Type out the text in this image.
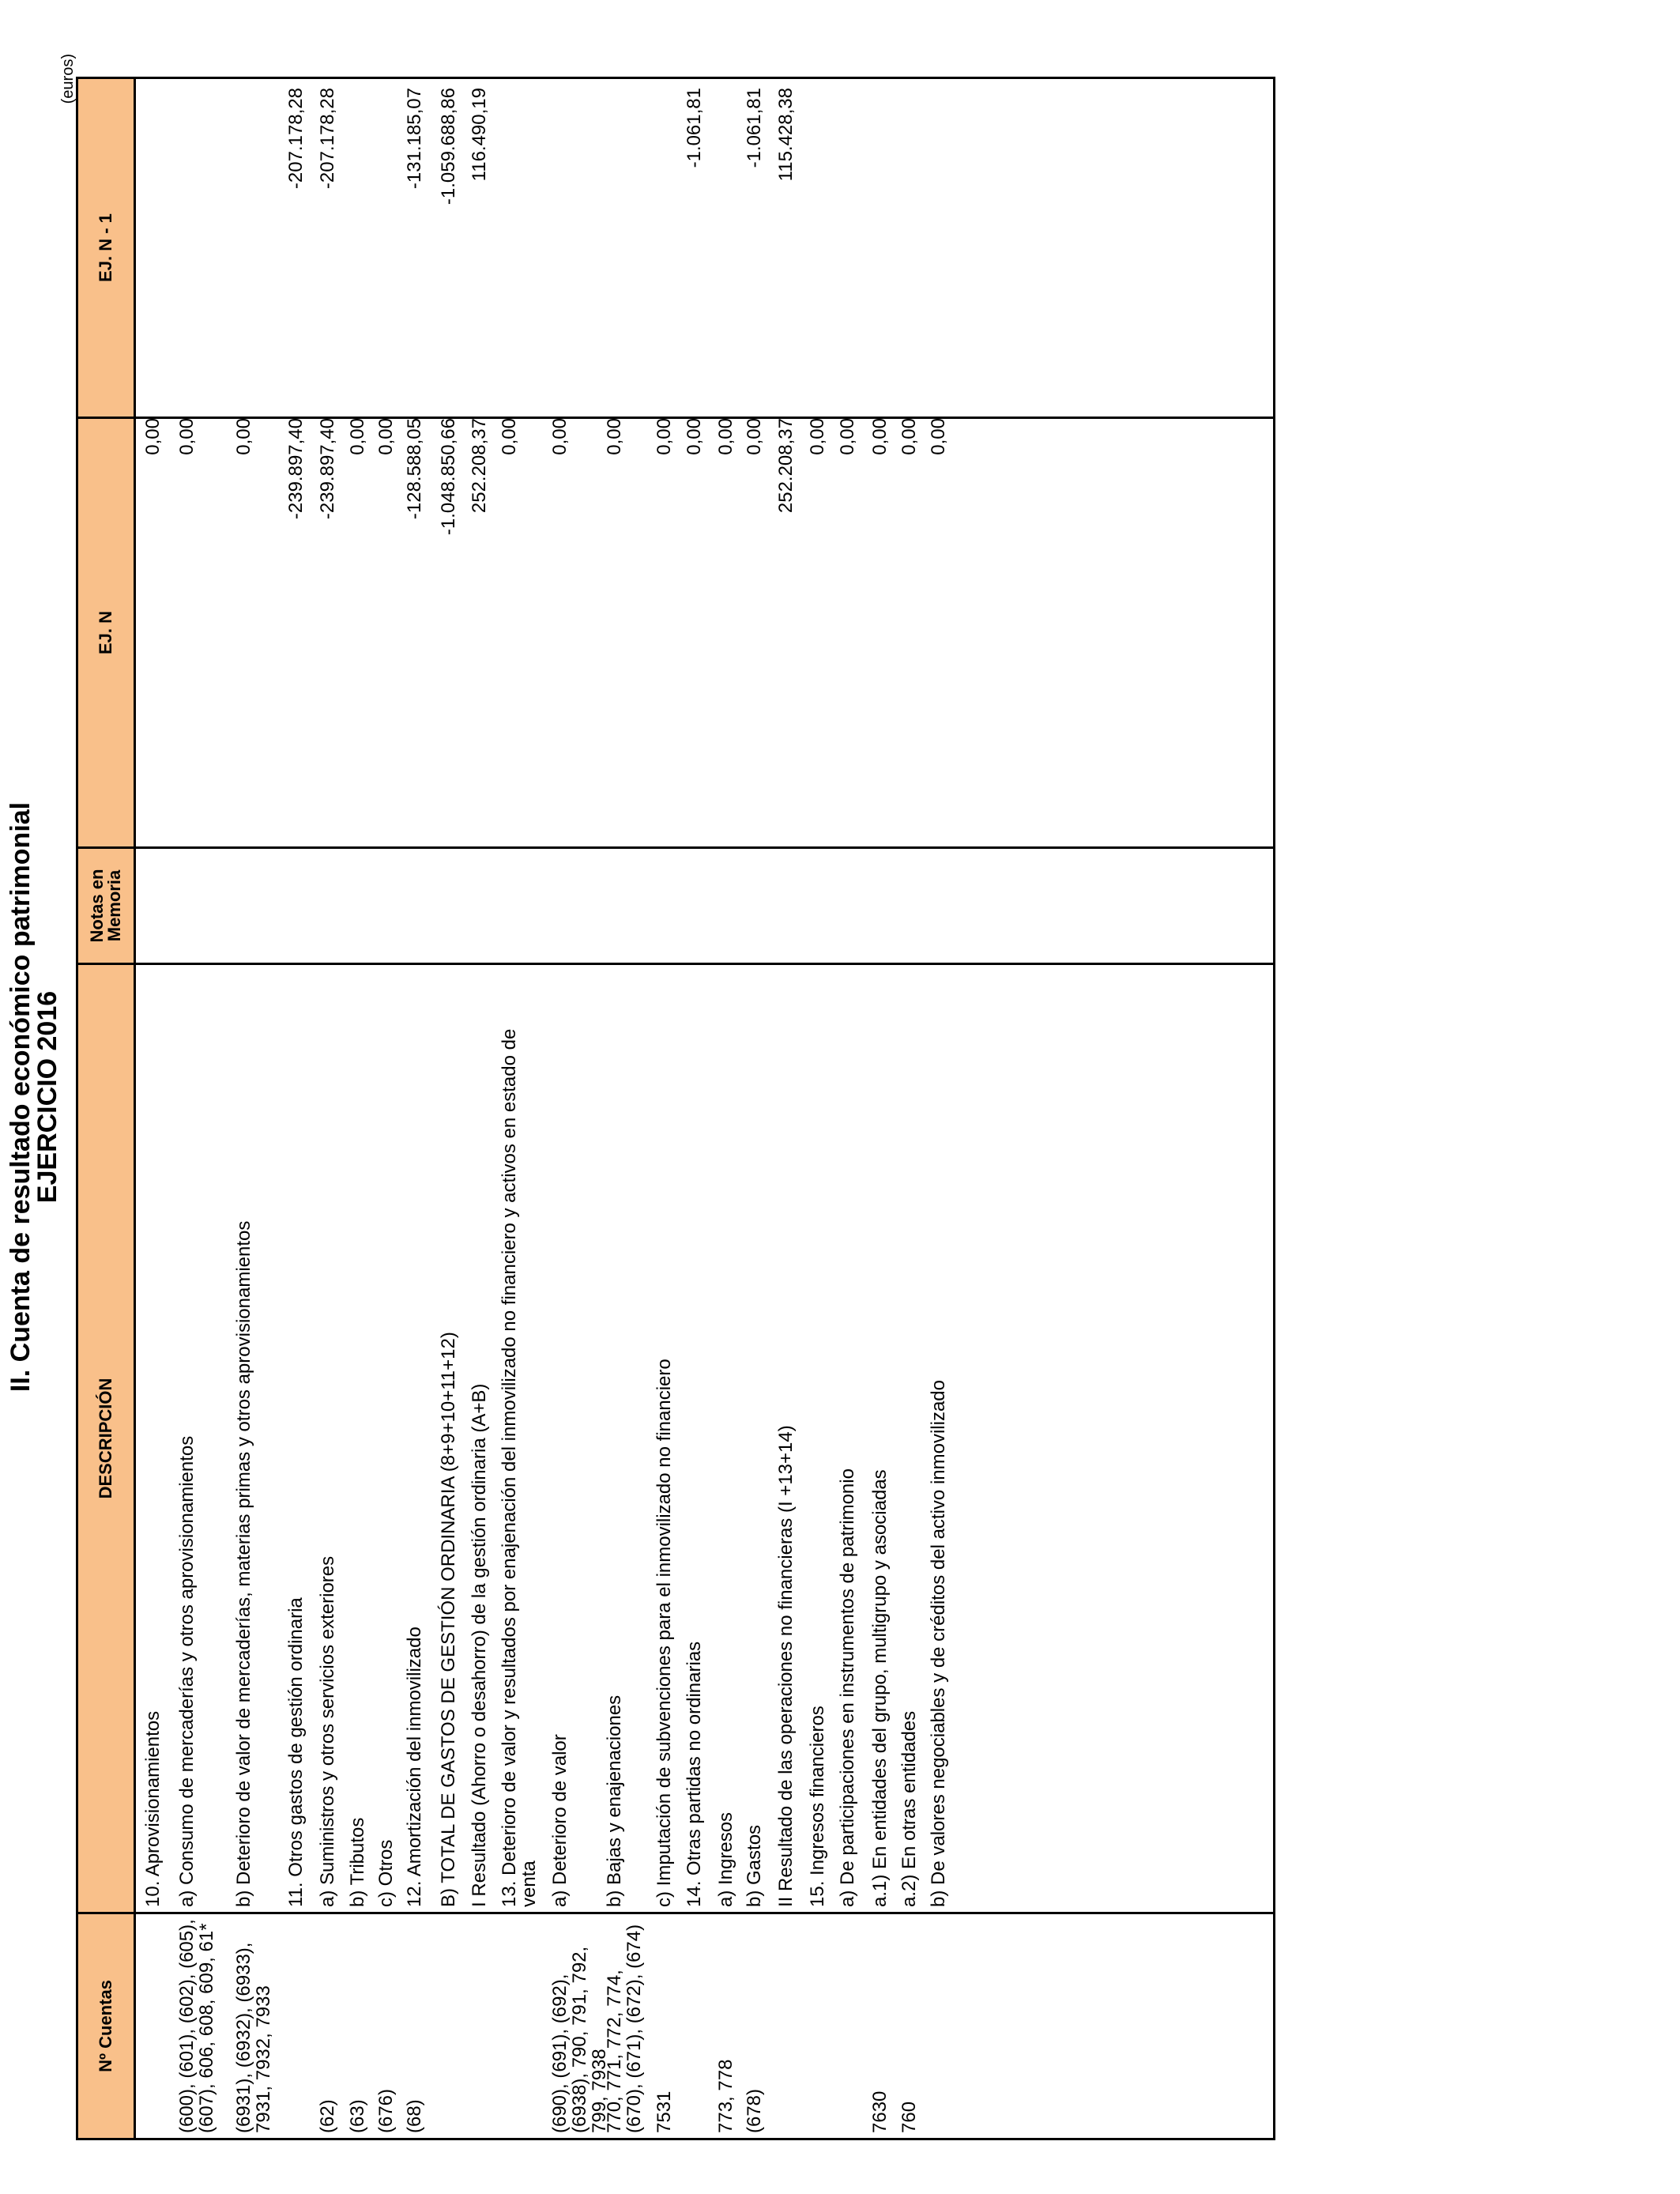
II. Cuenta de resultado económico patrimonial
EJERCICIO 2016
(euros)
Nº Cuentas
DESCRIPCIÓN
Notas en Memoria
EJ. N
EJ. N - 1
10. Aprovisionamientos
0,00
(600), (601), (602), (605), (607), 606, 608, 609, 61*
a) Consumo de mercaderías y otros aprovisionamientos
0,00
(6931), (6932), (6933), 7931, 7932, 7933
b) Deterioro de valor de mercaderías, materias primas y otros aprovisionamientos
0,00
11. Otros gastos de gestión ordinaria
-239.897,40
-207.178,28
(62)
a) Suministros y otros servicios exteriores
-239.897,40
-207.178,28
(63)
b) Tributos
0,00
(676)
c) Otros
0,00
(68)
12. Amortización del inmovilizado
-128.588,05
-131.185,07
B) TOTAL DE GASTOS DE GESTIÓN ORDINARIA (8+9+10+11+12)
-1.048.850,66
-1.059.688,86
I Resultado (Ahorro o desahorro) de la gestión ordinaria (A+B)
252.208,37
116.490,19
13. Deterioro de valor y resultados por enajenación del inmovilizado no financiero y activos en estado de venta
0,00
(690), (691), (692), (6938), 790, 791, 792, 799, 7938
a) Deterioro de valor
0,00
770, 771, 772, 774, (670), (671), (672), (674)
b) Bajas y enajenaciones
0,00
7531
c) Imputación de subvenciones para el inmovilizado no financiero
0,00
14. Otras partidas no ordinarias
0,00
-1.061,81
773, 778
a) Ingresos
0,00
(678)
b) Gastos
0,00
-1.061,81
II Resultado de las operaciones no financieras (I +13+14)
252.208,37
115.428,38
15. Ingresos financieros
0,00
a) De participaciones en instrumentos de patrimonio
0,00
7630
a.1) En entidades del grupo, multigrupo y asociadas
0,00
760
a.2) En otras entidades
0,00
b) De valores negociables y de créditos del activo inmovilizado
0,00
